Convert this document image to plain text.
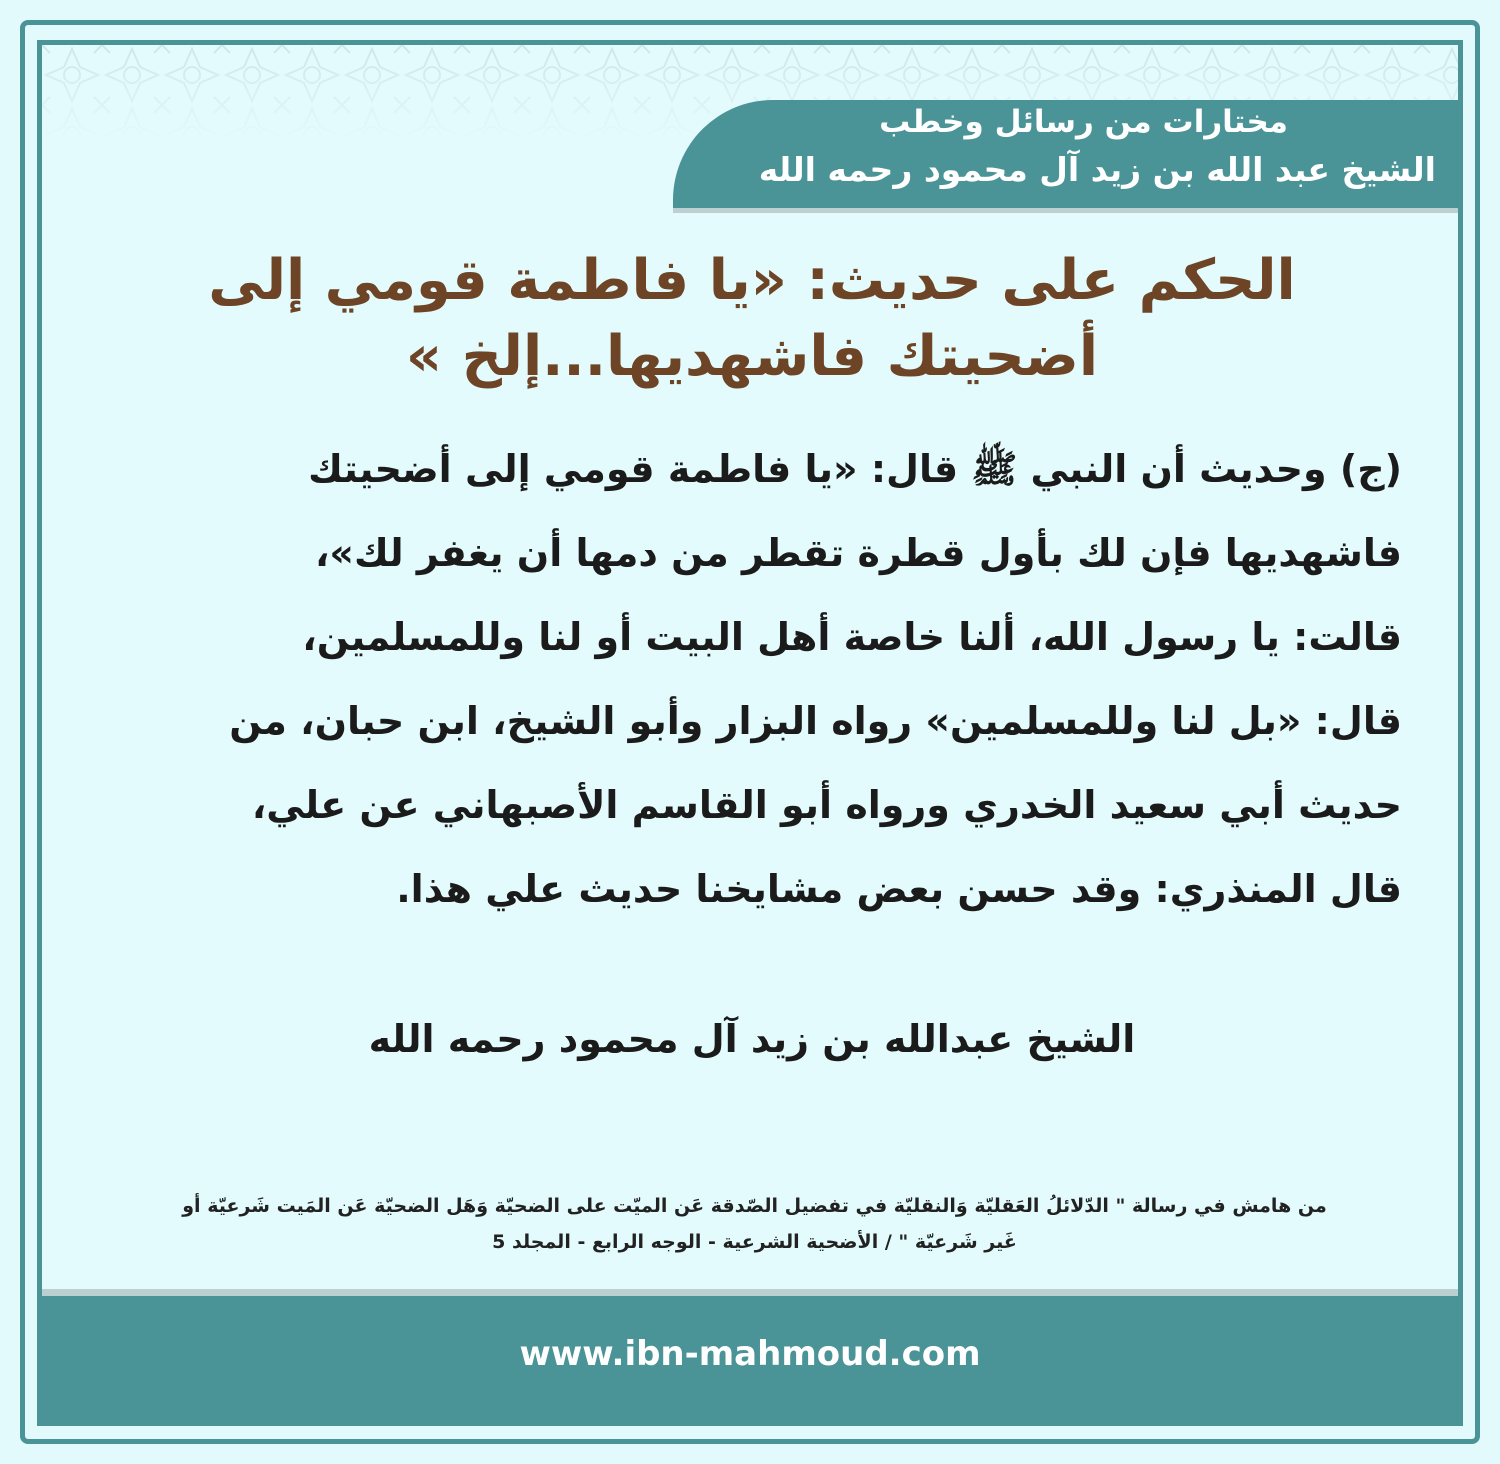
مختارات من رسائل وخطب
الشيخ عبد الله بن زيد آل محمود رحمه الله
الحكم على حديث: «يا فاطمة قومي إلى
أضحيتك فاشهديها...إلخ »

(ج) وحديث أن النبي ﷺ قال: «يا فاطمة قومي إلى أضحيتك

فاشهديها فإن لك بأول قطرة تقطر من دمها أن يغفر لك»،

قالت: يا رسول الله، ألنا خاصة أهل البيت أو لنا وللمسلمين،

قال: «بل لنا وللمسلمين» رواه البزار وأبو الشيخ، ابن حبان، من

حديث أبي سعيد الخدري ورواه أبو القاسم الأصبهاني عن علي،

قال المنذري: وقد حسن بعض مشايخنا حديث علي هذا.

الشيخ عبدالله بن زيد آل محمود رحمه الله

من هامش في رسالة " الدّلائلُ العَقليّة وَالنقليّة في تفضيل الصّدقة عَن الميّت على الضحيّة وَهَل الضحيّة عَن المَيت شَرعيّة أو

غَير شَرعيّة " / الأضحية الشرعية - الوجه الرابع - المجلد 5

www.ibn-mahmoud.com
